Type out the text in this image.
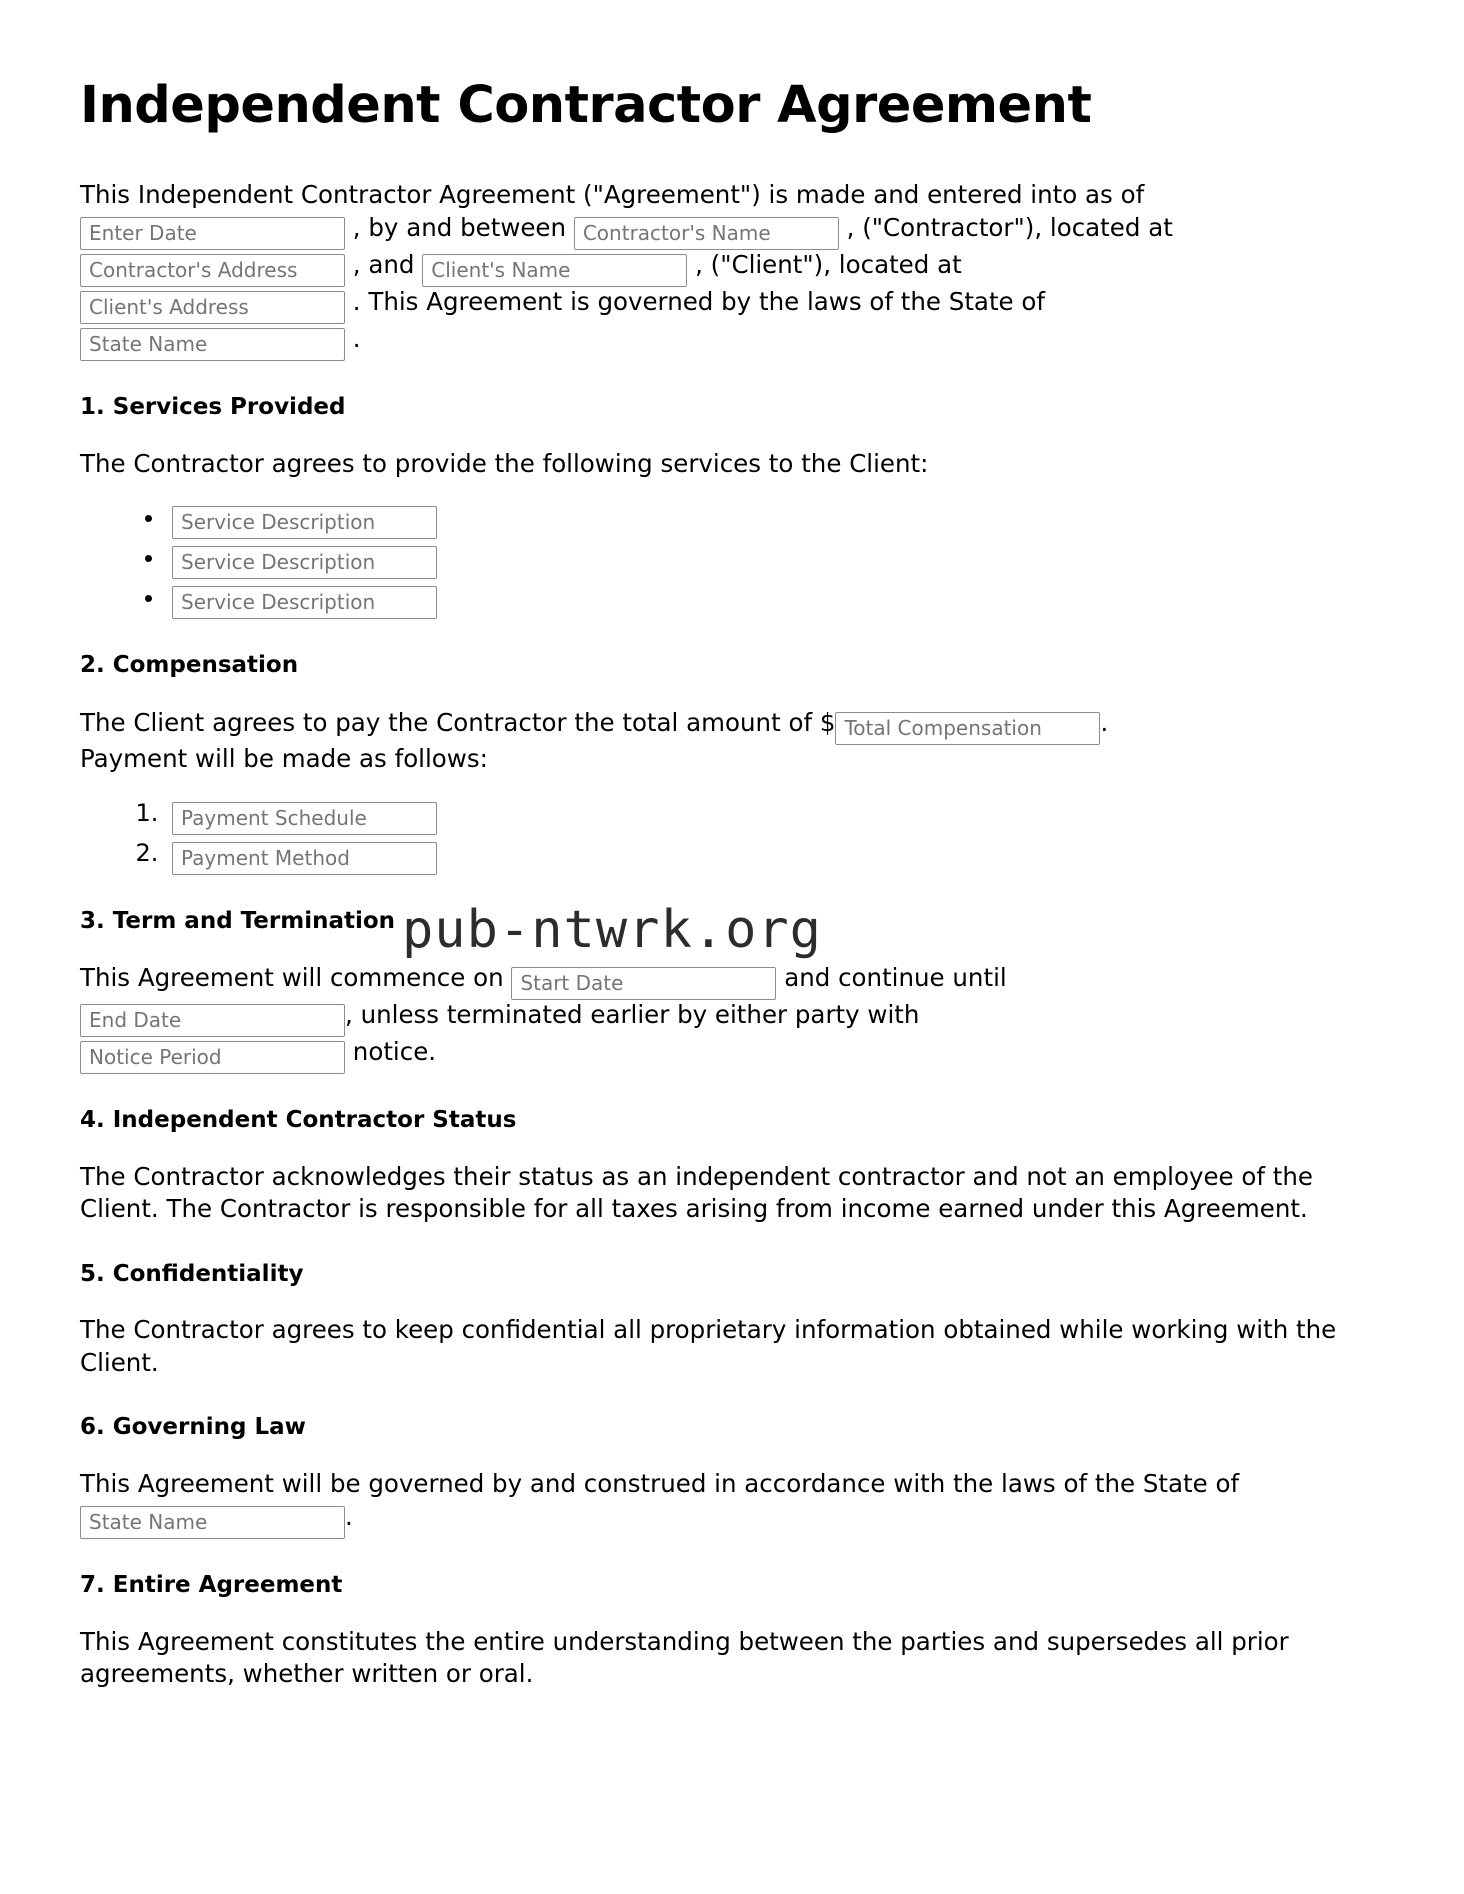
Independent Contractor Agreement

This Independent Contractor Agreement ("Agreement") is made and entered into as of
Enter Date , by and between Contractor's Name	, ("Contractor"), located at
Contractor's Address , and Client's Name	, ("Client"), located at
Client's Address . This Agreement is governed by the laws of the State of
State Name .

1. Services Provided

The Contractor agrees to provide the following services to the Client:

• Service Description
• Service Description
• Service Description
2. Compensation

The Client agrees to pay the Contractor the total amount of $Total Compensation	.
Payment will be made as follows:

1. Payment Schedule
2. Payment Method
3. Term and Termination

This Agreement will commence on Start Date	and continue until
End Date, unless terminated earlier by either party with
Notice Period notice.

4. Independent Contractor Status

The Contractor acknowledges their status as an independent contractor and not an employee of the Client. The Contractor is responsible for all taxes arising from income earned under this Agreement.

5. Confidentiality

The Contractor agrees to keep confidential all proprietary information obtained while working with the Client.

6. Governing Law

This Agreement will be governed by and construed in accordance with the laws of the State of State Name.

7. Entire Agreement

This Agreement constitutes the entire understanding between the parties and supersedes all prior agreements, whether written or oral.

pub-ntwrk.org
